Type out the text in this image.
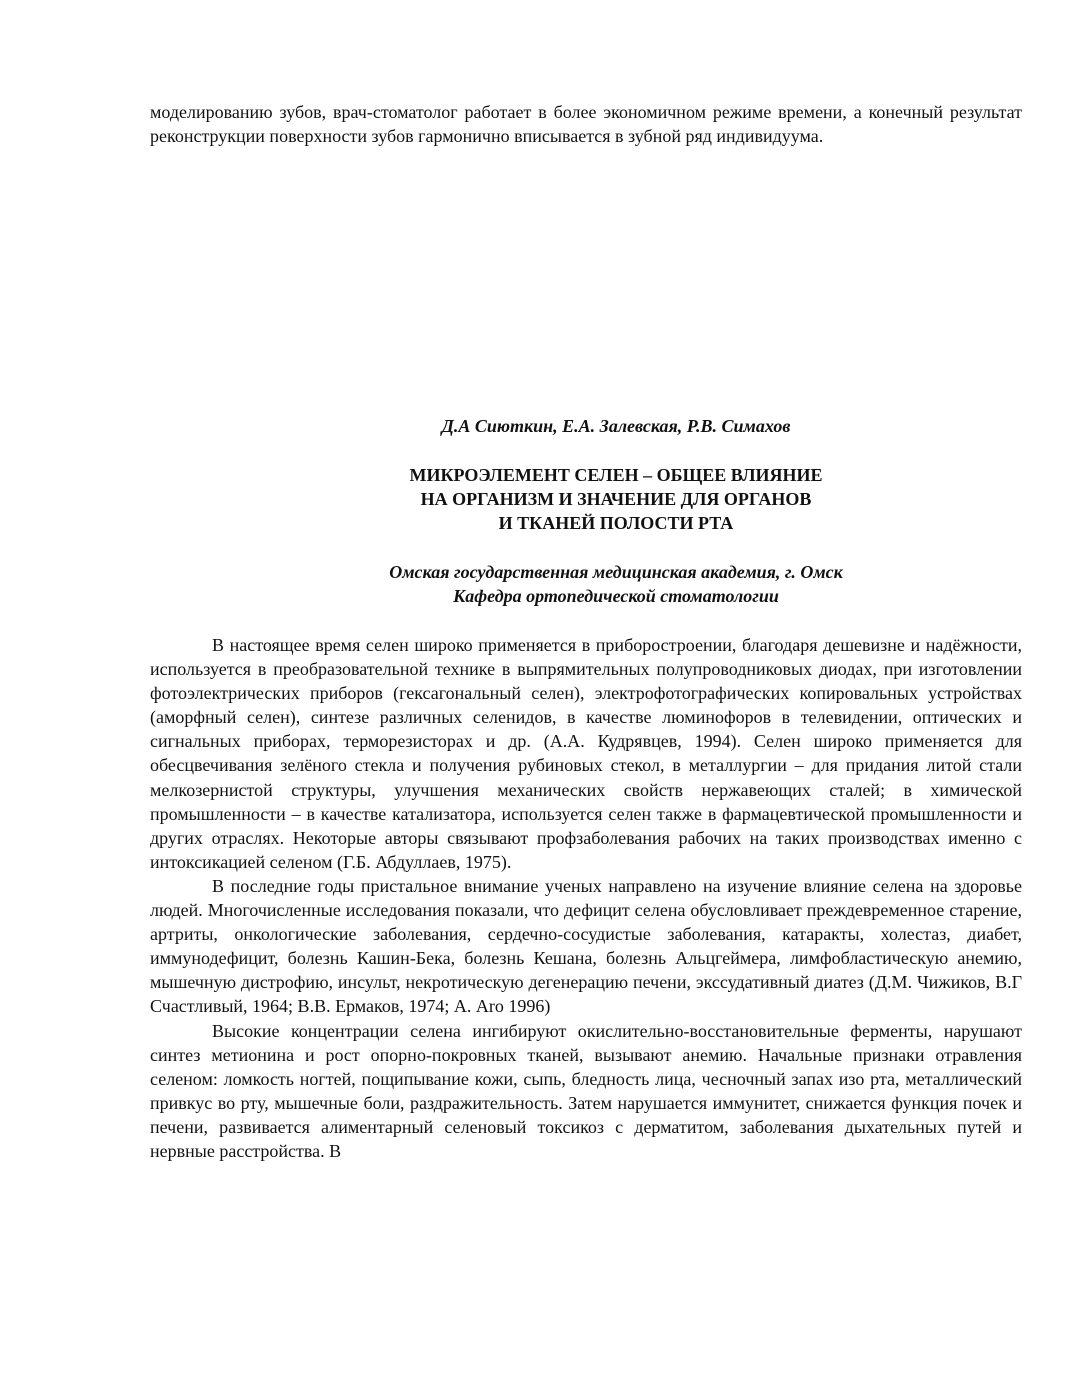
моделированию зубов, врач-стоматолог работает в более экономичном режиме времени, а конечный результат реконструкции поверхности зубов гармонично вписывается в зубной ряд индивидуума.

Д.А Сиюткин, Е.А. Залевская, Р.В. Симахов

МИКРОЭЛЕМЕНТ СЕЛЕН – ОБЩЕЕ ВЛИЯНИЕ
НА ОРГАНИЗМ И ЗНАЧЕНИЕ ДЛЯ ОРГАНОВ
И ТКАНЕЙ ПОЛОСТИ РТА
Омская государственная медицинская академия, г. Омск
Кафедра ортопедической стоматологии

В настоящее время селен широко применяется в приборостроении, благодаря дешевизне и надёжности, используется в преобразовательной технике в выпрямительных полупроводниковых диодах, при изготовлении фотоэлектрических приборов (гексагональный селен), электрофотографических копировальных устройствах (аморфный селен), синтезе различных селенидов, в качестве люминофоров в телевидении, оптических и сигнальных приборах, терморезисторах и др. (А.А. Кудрявцев, 1994). Селен широко применяется для обесцвечивания зелёного стекла и получения рубиновых стекол, в металлургии – для придания литой стали мелкозернистой структуры, улучшения механических свойств нержавеющих сталей; в химической промышленности – в качестве катализатора, используется селен также в фармацевтической промышленности и других отраслях. Некоторые авторы связывают профзаболевания рабочих на таких производствах именно с интоксикацией селеном (Г.Б. Абдуллаев, 1975).

В последние годы пристальное внимание ученых направлено на изучение влияние селена на здоровье людей. Многочисленные исследования показали, что дефицит селена обусловливает преждевременное старение, артриты, онкологические заболевания, сердечно-сосудистые заболевания, катаракты, холестаз, диабет, иммунодефицит, болезнь Кашин-Бека, болезнь Кешана, болезнь Альцгеймера, лимфобластическую анемию, мышечную дистрофию, инсульт, некротическую дегенерацию печени, экссудативный диатез (Д.М. Чижиков, В.Г Счастливый, 1964; В.В. Ермаков, 1974; А. Aro 1996)

Высокие концентрации селена ингибируют окислительно-восстановительные ферменты, нарушают синтез метионина и рост опорно-покровных тканей, вызывают анемию. Начальные признаки отравления селеном: ломкость ногтей, пощипывание кожи, сыпь, бледность лица, чесночный запах изо рта, металлический привкус во рту, мышечные боли, раздражительность. Затем нарушается иммунитет, снижается функция почек и печени, развивается алиментарный селеновый токсикоз с дерматитом, заболевания дыхательных путей и нервные расстройства. В
